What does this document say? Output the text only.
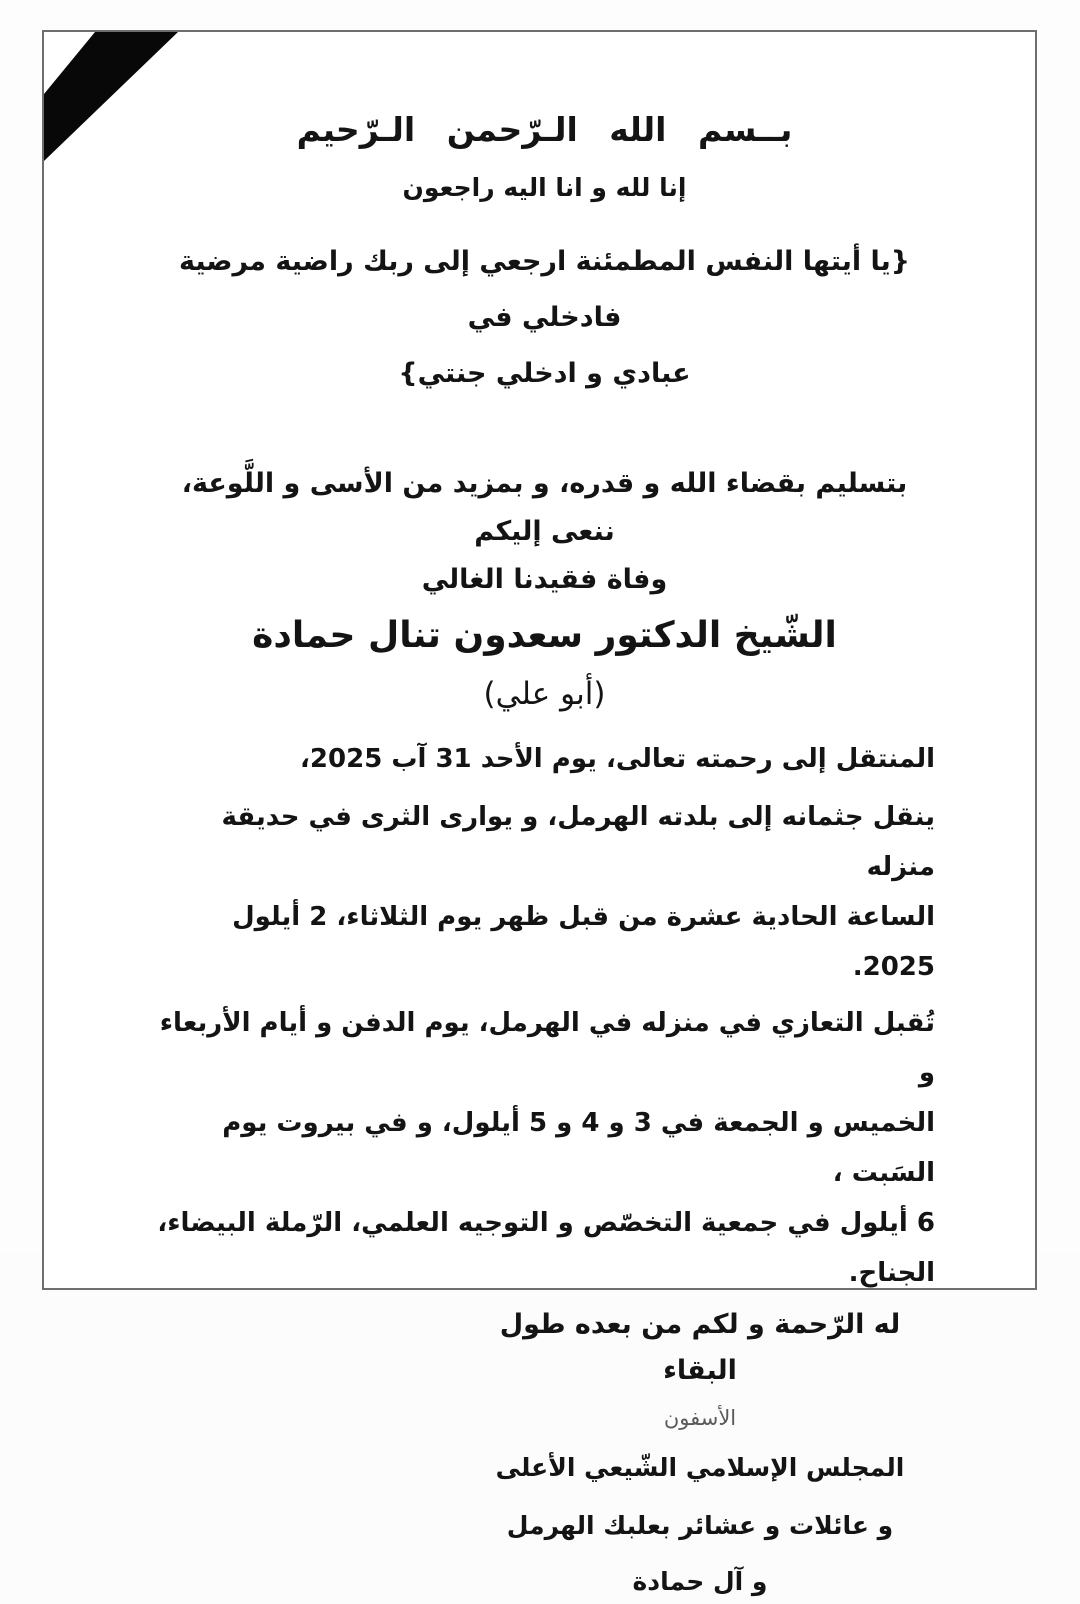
بــسم الله الـرّحمن الـرّحيم
إنا لله و انا اليه راجعون
{يا أيتها النفس المطمئنة ارجعي إلى ربك راضية مرضية فادخلي في
عبادي و ادخلي جنتي}
بتسليم بقضاء الله و قدره، و بمزيد من الأسى و اللَّوعة، ننعى إليكم
وفاة فقيدنا الغالي
الشّيخ الدكتور سعدون تنال حمادة
(أبو علي)
المنتقل إلى رحمته تعالى، يوم الأحد 31 آب 2025،
ينقل جثمانه إلى بلدته الهرمل، و يوارى الثرى في حديقة منزله
الساعة الحادية عشرة من قبل ظهر يوم الثلاثاء، 2 أيلول 2025.
تُقبل التعازي في منزله في الهرمل، يوم الدفن و أيام الأربعاء و
الخميس و الجمعة في 3 و 4 و 5 أيلول، و في بيروت يوم السَبت ،
6 أيلول في جمعية التخصّص و التوجيه العلمي، الرّملة البيضاء،
الجناح.
له الرّحمة و لكم من بعده طول البقاء
الأسفون
المجلس الإسلامي الشّيعي الأعلى
و عائلات و عشائر بعلبك الهرمل
و آل حمادة
